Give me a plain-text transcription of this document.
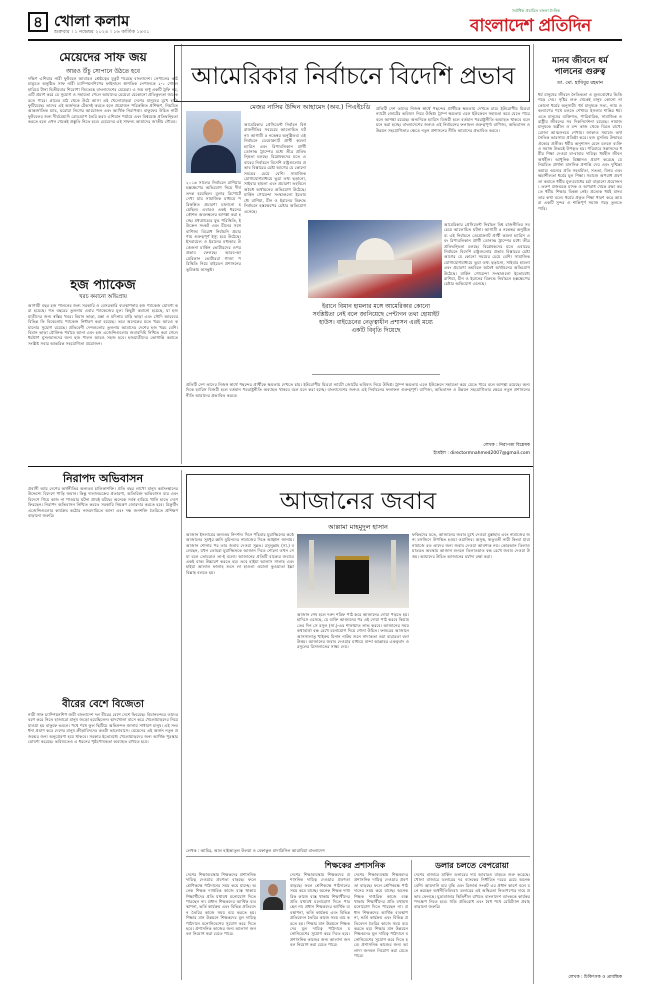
৪ খোলা কলাম
শুক্রবার । ১ নভেম্বর ২০২৪ । ১৬ কার্তিক ১৪৩১
সর্বাধিক প্রচারিত বাংলা দৈনিক
বাংলাদেশ প্রতিদিন
মেয়েদের সাফ জয়
আরও উঁচু সোপানে উঠতে হবে
দক্ষিণ এশিয়ার নারী ফুটবলে আবারও শ্রেষ্ঠত্বের মুকুট পরেছে বাংলাদেশ। নেপালের কাঠমান্ডুতে অনুষ্ঠিত সাফ নারী চ্যাম্পিয়নশিপের ফাইনালে স্বাগতিক নেপালকে ২-১ গোলে হারিয়ে টানা দ্বিতীয়বার শিরোপা জিতেছে বাংলাদেশের মেয়েরা। এ জয় শুধু একটি ট্রফি নয়, এটি প্রমাণ করে যে সুযোগ ও সহায়তা পেলে আমাদের মেয়েরা যেকোনো প্রতিকূলতা জয় করতে পারে। গ্রামের মাঠ থেকে উঠে আসা এই খেলোয়াড়রা দেশের মানুষের মুখে হাসি ফুটিয়েছে। তাদের এই অর্জনকে টেকসই করতে হলে প্রয়োজন পরিকল্পিত প্রশিক্ষণ, নিয়মিত আন্তর্জাতিক ম্যাচ, ঘরোয়া লিগের আয়োজন এবং আর্থিক নিরাপত্তা। বাফুফের উচিত নারী ফুটবলের জন্য দীর্ঘমেয়াদি রোডম্যাপ তৈরি করা। এশিয়ান পর্যায়ে এবং বিশ্বমঞ্চে প্রতিদ্বন্দ্বিতা করতে হলে এখন থেকেই প্রস্তুতি নিতে হবে। মেয়েদের এই সাফল্য আমাদের জাতীয় গৌরব।
হজ প্যাকেজ
খরচ কমানো অভিপ্রায়
আগামী বছর হজ পালনের জন্য সরকারি ও বেসরকারি ব্যবস্থাপনায় হজ প্যাকেজ ঘোষণা করা হয়েছে। গত বছরের তুলনায় এবার প্যাকেজের মূল্য কিছুটা কমানো হয়েছে, যা হজযাত্রীদের জন্য স্বস্তির খবর। বিমান ভাড়া, মক্কা ও মদিনায় বাড়ি ভাড়া এবং সৌদি আরবের বিভিন্ন ফি বিবেচনায় প্যাকেজ নির্ধারণ করা হয়েছে। তবে অনেকের মতে খরচ আরও কমানোর সুযোগ রয়েছে। প্রতিবেশী দেশগুলোর তুলনায় আমাদের দেশের হজ খরচ বেশি। বিমান ভাড়া যৌক্তিক পর্যায়ে আনা এবং হজ এজেন্সিগুলোর জবাবদিহি নিশ্চিত করা গেলে ধর্মপ্রাণ মুসলমানদের জন্য হজ পালন আরও সহজ হবে। হজযাত্রীদের ভোগান্তি কমাতে সংশ্লিষ্ট সবার আন্তরিক সহযোগিতা প্রয়োজন।
আমেরিকার নির্বাচনে বিদেশি প্রভাব
মেজর নাসির উদ্দিন আহামেদ (অব.) পিএইচডি
আমেরিকার প্রেসিডেন্ট নির্বাচন বিশ্ব রাজনীতির সবচেয়ে আলোচিত ঘটনা। আগামী ৫ নভেম্বর অনুষ্ঠিতব্য এই নির্বাচনে ডেমোক্র্যাট প্রার্থী কমলা হ্যারিস এবং রিপাবলিকান প্রার্থী ডোনাল্ড ট্রাম্পের মধ্যে তীব্র প্রতিদ্বন্দ্বিতা চলছে। বিশ্লেষকদের মতে এবারের নির্বাচনে বিদেশি রাষ্ট্রগুলোর প্রভাব বিস্তারের চেষ্টা আগের যে কোনো সময়ের চেয়ে বেশি। সামাজিক যোগাযোগমাধ্যমে ভুয়া তথ্য ছড়ানো, সাইবার হামলা এবং প্রচারণা তহবিলে অবৈধ অর্থায়নের অভিযোগ উঠেছে। মার্কিন গোয়েন্দা সংস্থাগুলো ইতোমধ্যে রাশিয়া, চীন ও ইরানের বিরুদ্ধে নির্বাচনে হস্তক্ষেপের চেষ্টার অভিযোগ এনেছে।
২০১৬ সালের নির্বাচনে রাশিয়ার হস্তক্ষেপের অভিযোগ নিয়ে দীর্ঘ তদন্ত হয়েছিল। মুলার রিপোর্টে দেখা যায় সামাজিক মাধ্যমে পরিকল্পিত প্রচারণা চালানো হয়েছিল। এবারও একই ধরনের কৌশল অবলম্বনের আশঙ্কা করা হচ্ছে। মধ্যপ্রাচ্যের যুদ্ধ পরিস্থিতি, ইউক্রেন সংকট এবং চীনের সঙ্গে বাণিজ্য বিরোধ নির্বাচনি প্রচারণায় গুরুত্বপূর্ণ ইস্যু হয়ে উঠেছে। ইসরায়েল ও ইরানের মধ্যকার উত্তেজনা মার্কিন ভোটারদের ওপর প্রভাব ফেলছে। আরব-আমেরিকান ভোটাররা গাজা পরিস্থিতি নিয়ে বাইডেন প্রশাসনের ভূমিকায় অসন্তুষ্ট।
ইরানে বিমান হামলার মঙ্গে আমেরিকার কোনো সংশ্লিষ্টতা নেই বলে জানিয়েছে পেন্টাগন তথা হোয়াইট হাউস। বাইডেনের নেতৃত্বাধীন প্রশাসন এরই মধ্যে একটি বিবৃতি দিয়েছে
প্রতিটি দেশ তাদের নিজস্ব স্বার্থে পছন্দের প্রার্থীকে ক্ষমতায় দেখতে চায়। ইউরোপীয় মিত্ররা ন্যাটো জোটের ভবিষ্যৎ নিয়ে উদ্বিগ্ন। ট্রাম্প ক্ষমতায় এলে ইউক্রেনে সহায়তা কমে যেতে পারে বলে আশঙ্কা রয়েছে। অন্যদিকে হ্যারিস বিজয়ী হলে বর্তমান পররাষ্ট্রনীতি অব্যাহত থাকবে বলে মনে করা হচ্ছে। বাংলাদেশের জন্যও এই নির্বাচনের ফলাফল গুরুত্বপূর্ণ। বাণিজ্য, অভিবাসন ও উন্নয়ন সহযোগিতার ক্ষেত্রে নতুন প্রশাসনের নীতি আমাদের প্রভাবিত করবে।
আমেরিকার প্রেসিডেন্ট নির্বাচন বিশ্ব রাজনীতির সবচেয়ে আলোচিত ঘটনা। আগামী ৫ নভেম্বর অনুষ্ঠিতব্য এই নির্বাচনে ডেমোক্র্যাট প্রার্থী কমলা হ্যারিস এবং রিপাবলিকান প্রার্থী ডোনাল্ড ট্রাম্পের মধ্যে তীব্র প্রতিদ্বন্দ্বিতা চলছে। বিশ্লেষকদের মতে এবারের নির্বাচনে বিদেশি রাষ্ট্রগুলোর প্রভাব বিস্তারের চেষ্টা আগের যে কোনো সময়ের চেয়ে বেশি। সামাজিক যোগাযোগমাধ্যমে ভুয়া তথ্য ছড়ানো, সাইবার হামলা এবং প্রচারণা তহবিলে অবৈধ অর্থায়নের অভিযোগ উঠেছে। মার্কিন গোয়েন্দা সংস্থাগুলো ইতোমধ্যে রাশিয়া, চীন ও ইরানের বিরুদ্ধে নির্বাচনে হস্তক্ষেপের চেষ্টার অভিযোগ এনেছে।
প্রতিটি দেশ তাদের নিজস্ব স্বার্থে পছন্দের প্রার্থীকে ক্ষমতায় দেখতে চায়। ইউরোপীয় মিত্ররা ন্যাটো জোটের ভবিষ্যৎ নিয়ে উদ্বিগ্ন। ট্রাম্প ক্ষমতায় এলে ইউক্রেনে সহায়তা কমে যেতে পারে বলে আশঙ্কা রয়েছে। অন্যদিকে হ্যারিস বিজয়ী হলে বর্তমান পররাষ্ট্রনীতি অব্যাহত থাকবে বলে মনে করা হচ্ছে। বাংলাদেশের জন্যও এই নির্বাচনের ফলাফল গুরুত্বপূর্ণ। বাণিজ্য, অভিবাসন ও উন্নয়ন সহযোগিতার ক্ষেত্রে নতুন প্রশাসনের নীতি আমাদের প্রভাবিত করবে।
লেখক : নিরাপত্তা বিশ্লেষক
ইমেইল : directormnahmed2007@gmail.com
মানব জীবনে ধর্ম পালনের গুরুত্ব
ডা. মো. হাবিবুর রহমান
ধর্ম মানুষের জীবনে নৈতিকতা ও মূল্যবোধের ভিত্তি গড়ে দেয়। সৃষ্টির শুরু থেকেই মানুষ কোনো না কোনো ধর্মের অনুসারী। ধর্ম মানুষকে সত্য, ন্যায় ও কল্যাণের পথে চলতে শেখায়। ইসলাম শান্তির ধর্ম। এতে মানুষের ব্যক্তিগত, পারিবারিক, সামাজিক ও রাষ্ট্রীয় জীবনের সব দিকনির্দেশনা রয়েছে। নামাজ মানুষকে অশ্লীল ও মন্দ কাজ থেকে বিরত রাখে। রোজা আত্মসংযম শেখায়। জাকাত সমাজে অর্থনৈতিক ভারসাম্য প্রতিষ্ঠা করে। হজ মুসলিম উম্মাহর ঐক্যের প্রতীক। ধর্মীয় অনুশাসন মেনে চললে ব্যক্তি ও সমাজ উভয়ই উপকৃত হয়। পরিবারে সন্তানদের ধর্মীয় শিক্ষা দেওয়া মা-বাবার দায়িত্ব। ধর্মহীন জীবন অর্থহীন। আধুনিক বিজ্ঞানও প্রমাণ করেছে যে নিয়মিত প্রার্থনা মানসিক প্রশান্তি দেয় এবং দুশ্চিন্তা কমায়। অন্যের প্রতি সহমর্মিতা, সততা, বিনয় এবং ক্ষমাশীলতা ধর্মের মূল শিক্ষা। সমাজে অপরাধ প্রবণতা কমাতে ধর্মীয় মূল্যবোধের চর্চা বাড়ানো প্রয়োজন। তরুণ প্রজন্মকে মাদক ও অপরাধ থেকে রক্ষা করতে ধর্মীয় শিক্ষার বিকল্প নেই। প্রত্যেক ধর্মই মানবতার কথা বলে। ধর্মের প্রকৃত শিক্ষা ধারণ করে আমরা একটি সুন্দর ও শান্তিপূর্ণ সমাজ গড়ে তুলতে পারি।
লেখক : চিকিৎসক ও প্রাবন্ধিক
নিরাপদ অভিবাসন
প্রবাসী আয় দেশের অর্থনীতির অন্যতম চালিকাশক্তি। প্রতি বছর লাখো মানুষ কর্মসংস্থানের উদ্দেশ্যে বিদেশে পাড়ি জমান। কিন্তু দালালচক্রের প্রতারণা, অতিরিক্ত অভিবাসন ব্যয় এবং বিদেশে গিয়ে কাজ না পাওয়ার ঘটনা প্রায়ই ঘটছে। অনেকে সর্বস্ব হারিয়ে খালি হাতে দেশে ফিরছেন। নিরাপদ অভিবাসন নিশ্চিত করতে সরকারি নিয়ন্ত্রণ জোরদার করতে হবে। রিক্রুটিং এজেন্সিগুলোর কার্যক্রম কঠোর নজরদারিতে আনা এবং দক্ষ জনশক্তি তৈরিতে প্রশিক্ষণ বাড়ানো জরুরি।
বীরের বেশে বিজেতা
নারী সাফ চ্যাম্পিয়নশিপ জয়ী বাংলাদেশ দল বীরের বেশে দেশে ফিরেছে। বিমানবন্দরে তাদের বরণ করে নিতে হাজারো মানুষ জড়ো হয়েছিলেন। ছাদখোলা বাসে করে খেলোয়াড়দের নিয়ে যাওয়া হয় বাফুফে ভবনে। পথে পথে ফুল ছিটিয়ে অভিনন্দন জানায় সাধারণ মানুষ। এই সংবর্ধনা প্রমাণ করে দেশের মানুষ ক্রীড়াবিদদের কতটা ভালোবাসে। মেয়েদের এই অর্জন নতুন প্রজন্মের জন্য অনুপ্রেরণা হয়ে থাকবে। সরকার ইতোমধ্যে খেলোয়াড়দের জন্য আর্থিক পুরস্কার ঘোষণা করেছে। ভবিষ্যতেও এ ধরনের পৃষ্ঠপোষকতা অব্যাহত রাখতে হবে।
আজানের জবাব
আল্লামা মাহমুদুল হাসান
আজান ইসলামের অন্যতম নিদর্শন। দিনে পাঁচবার মুয়াজ্জিনের কণ্ঠে আজানের সুমধুর ধ্বনি মুমিনদের নামাজের দিকে আহ্বান জানায়। আজান শোনার পর তার জবাব দেওয়া সুন্নত। রসুলুল্লাহ (সা.) বলেছেন, যখন তোমরা মুয়াজ্জিনকে আজান দিতে শোনো তখন সে যা বলে তোমরাও তা-ই বলো। আজানের প্রতিটি বাক্যের জবাবে একই বাক্য উচ্চারণ করতে হয়। তবে হাইয়া আলাস সালাহ এবং হাইয়া আলাল ফালাহ শুনে লা হাওলা ওয়ালা কুওয়াতা ইল্লা বিল্লাহ বলতে হয়।
আজান শেষ হলে দরুদ শরিফ পাঠ করে আজানের দোয়া পড়তে হয়। হাদিসে এসেছে, যে ব্যক্তি আজানের পর এই দোয়া পাঠ করবে কিয়ামতের দিন সে রসুল (সা.)-এর শাফায়াত লাভ করবে। আজানের সময় কথাবার্তা বন্ধ রেখে মনোযোগ দিয়ে শোনা উচিত। ফজরের আজানে আসসালাতু খাইরুম মিনান নাউম শুনে সাদাকতা ওয়া বারারতা বলা উত্তম। আজানের জবাব দেওয়ার মাধ্যমে বান্দা আল্লাহর একত্ববাদ ও রসুলের রিসালাতের সাক্ষ্য দেয়।
ফকিহদের মতে, আজানের জবাব মুখে দেওয়া মুস্তাহাব এবং নামাজের জন্য মসজিদে উপস্থিত হওয়া ওয়াজিব। অসুস্থ, ঋতুবতী নারী কিংবা যারা নামাজে রত তাদের জন্য জবাব দেওয়া আবশ্যক নয়। কোরআন তিলাওয়াতরত অবস্থায় আজান শুনলে তিলাওয়াত বন্ধ রেখে জবাব দেওয়া উত্তম। আমাদের উচিত আজানের মর্যাদা রক্ষা করা।
লেখক : আমির, আল হাইআতুল উলয়া ও বেফাকুল মাদারিসিল আরাবিয়া বাংলাদেশ
শিক্ষকের প্রশাসনিক
দেশের শিক্ষাব্যবস্থায় শিক্ষকদের প্রশাসনিক দায়িত্ব দেওয়ার প্রবণতা বাড়ছে। ফলে শ্রেণিকক্ষে পাঠদানের সময় কমে যাচ্ছে। অনেক শিক্ষক দাপ্তরিক কাজে ব্যস্ত থাকায় শিক্ষার্থীদের প্রতি যথাযথ মনোযোগ দিতে পারছেন না। প্রধান শিক্ষকদের আর্থিক ব্যবস্থাপনা, ভর্তি কার্যক্রম এবং বিভিন্ন প্রতিবেদন তৈরির কাজে সময় ব্যয় করতে হয়। শিক্ষার মান উন্নয়নে শিক্ষকদের মূল দায়িত্ব পাঠদানে মনোনিবেশের সুযোগ করে দিতে হবে। প্রশাসনিক কাজের জন্য আলাদা জনবল নিয়োগ করা যেতে পারে।
দেশের শিক্ষাব্যবস্থায় শিক্ষকদের প্রশাসনিক দায়িত্ব দেওয়ার প্রবণতা বাড়ছে। ফলে শ্রেণিকক্ষে পাঠদানের সময় কমে যাচ্ছে। অনেক শিক্ষক দাপ্তরিক কাজে ব্যস্ত থাকায় শিক্ষার্থীদের প্রতি যথাযথ মনোযোগ দিতে পারছেন না। প্রধান শিক্ষকদের আর্থিক ব্যবস্থাপনা, ভর্তি কার্যক্রম এবং বিভিন্ন প্রতিবেদন তৈরির কাজে সময় ব্যয় করতে হয়। শিক্ষার মান উন্নয়নে শিক্ষকদের মূল দায়িত্ব পাঠদানে মনোনিবেশের সুযোগ করে দিতে হবে। প্রশাসনিক কাজের জন্য আলাদা জনবল নিয়োগ করা যেতে পারে।
দেশের শিক্ষাব্যবস্থায় শিক্ষকদের প্রশাসনিক দায়িত্ব দেওয়ার প্রবণতা বাড়ছে। ফলে শ্রেণিকক্ষে পাঠদানের সময় কমে যাচ্ছে। অনেক শিক্ষক দাপ্তরিক কাজে ব্যস্ত থাকায় শিক্ষার্থীদের প্রতি যথাযথ মনোযোগ দিতে পারছেন না। প্রধান শিক্ষকদের আর্থিক ব্যবস্থাপনা, ভর্তি কার্যক্রম এবং বিভিন্ন প্রতিবেদন তৈরির কাজে সময় ব্যয় করতে হয়। শিক্ষার মান উন্নয়নে শিক্ষকদের মূল দায়িত্ব পাঠদানে মনোনিবেশের সুযোগ করে দিতে হবে। প্রশাসনিক কাজের জন্য আলাদা জনবল নিয়োগ করা যেতে পারে।
ডলার চলতে বেপরোয়া
দেশের বাজারে মার্কিন ডলারের দাম আবারও বাড়তে শুরু করেছে। খোলা বাজারে ডলারের দর ব্যাংকের নির্ধারিত দরের চেয়ে অনেক বেশি। আমদানি ব্যয় বৃদ্ধি এবং রিজার্ভ সংকট এর প্রধান কারণ বলে মনে করছেন অর্থনীতিবিদরা। ডলারের এই অস্থিরতা নিত্যপণ্যের দামে প্রভাব ফেলছে। মুদ্রাবাজার স্থিতিশীল রাখতে বাংলাদেশ ব্যাংককে কার্যকর পদক্ষেপ নিতে হবে। হুন্ডি প্রতিরোধ এবং বৈধ পথে রেমিট্যান্স প্রবাহ বাড়ানো জরুরি।
